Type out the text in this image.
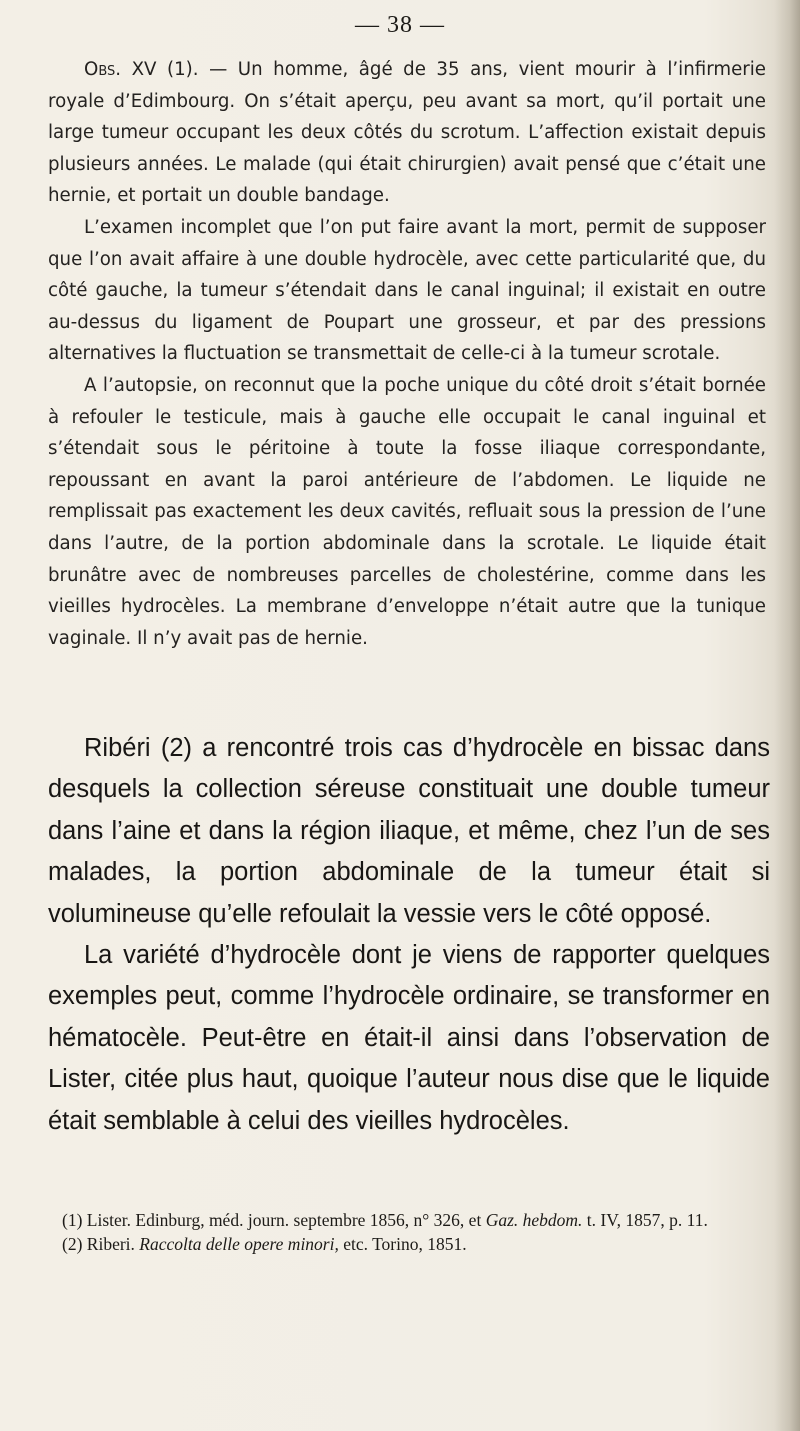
— 38 —

Obs. XV (1). — Un homme, âgé de 35 ans, vient mourir à l’infirmerie royale d’Edimbourg. On s’était aperçu, peu avant sa mort, qu’il portait une large tumeur occupant les deux côtés du scrotum. L’affection existait depuis plusieurs années. Le malade (qui était chirurgien) avait pensé que c’était une hernie, et portait un double bandage.

L’examen incomplet que l’on put faire avant la mort, permit de supposer que l’on avait affaire à une double hydrocèle, avec cette particularité que, du côté gauche, la tumeur s’étendait dans le canal inguinal; il existait en outre au-dessus du ligament de Poupart une grosseur, et par des pressions alternatives la fluctuation se transmettait de celle-ci à la tumeur scrotale.

A l’autopsie, on reconnut que la poche unique du côté droit s’était bornée à refouler le testicule, mais à gauche elle occupait le canal inguinal et s’étendait sous le péritoine à toute la fosse iliaque correspondante, repoussant en avant la paroi antérieure de l’abdomen. Le liquide ne remplissait pas exactement les deux cavités, refluait sous la pression de l’une dans l’autre, de la portion abdominale dans la scrotale. Le liquide était brunâtre avec de nombreuses parcelles de cholestérine, comme dans les vieilles hydrocèles. La membrane d’enveloppe n’était autre que la tunique vaginale. Il n’y avait pas de hernie.

Ribéri (2) a rencontré trois cas d’hydrocèle en bissac dans desquels la collection séreuse constituait une double tumeur dans l’aine et dans la région iliaque, et même, chez l’un de ses malades, la portion abdominale de la tumeur était si volumineuse qu’elle refoulait la vessie vers le côté opposé.

La variété d’hydrocèle dont je viens de rapporter quelques exemples peut, comme l’hydrocèle ordinaire, se transformer en hématocèle. Peut-être en était-il ainsi dans l’observation de Lister, citée plus haut, quoique l’auteur nous dise que le liquide était semblable à celui des vieilles hydrocèles.

(1) Lister. Edinburg, méd. journ. septembre 1856, n° 326, et Gaz. hebdom. t. IV, 1857, p. 11.

(2) Riberi. Raccolta delle opere minori, etc. Torino, 1851.
